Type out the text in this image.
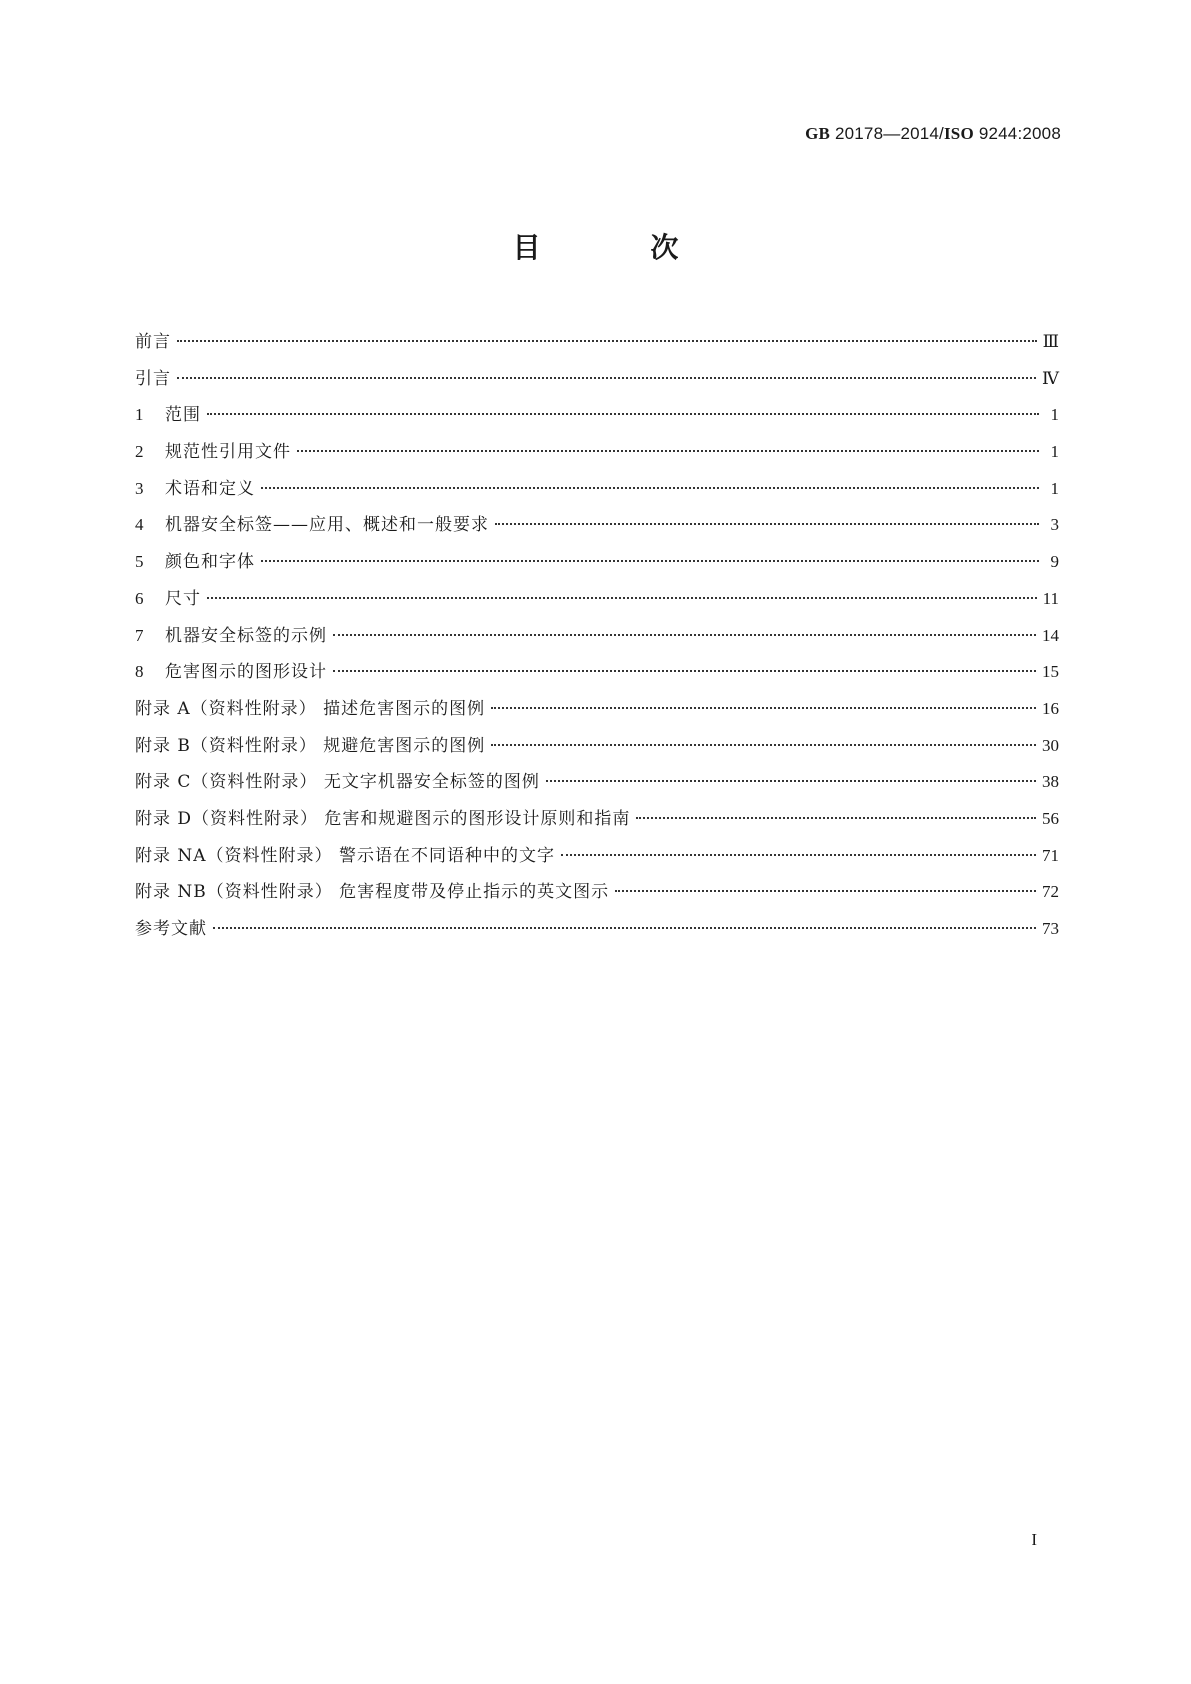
GB 20178—2014/ISO 9244:2008
目 次
前言	Ⅲ
引言	Ⅳ
1	范围	1
2	规范性引用文件	1
3	术语和定义	1
4	机器安全标签——应用、概述和一般要求	3
5	颜色和字体	9
6	尺寸	11
7	机器安全标签的示例	14
8	危害图示的图形设计	15
附录 A（资料性附录） 描述危害图示的图例	16
附录 B（资料性附录） 规避危害图示的图例	30
附录 C（资料性附录） 无文字机器安全标签的图例	38
附录 D（资料性附录） 危害和规避图示的图形设计原则和指南	56
附录 NA（资料性附录） 警示语在不同语种中的文字	71
附录 NB（资料性附录） 危害程度带及停止指示的英文图示	72
参考文献	73
I
